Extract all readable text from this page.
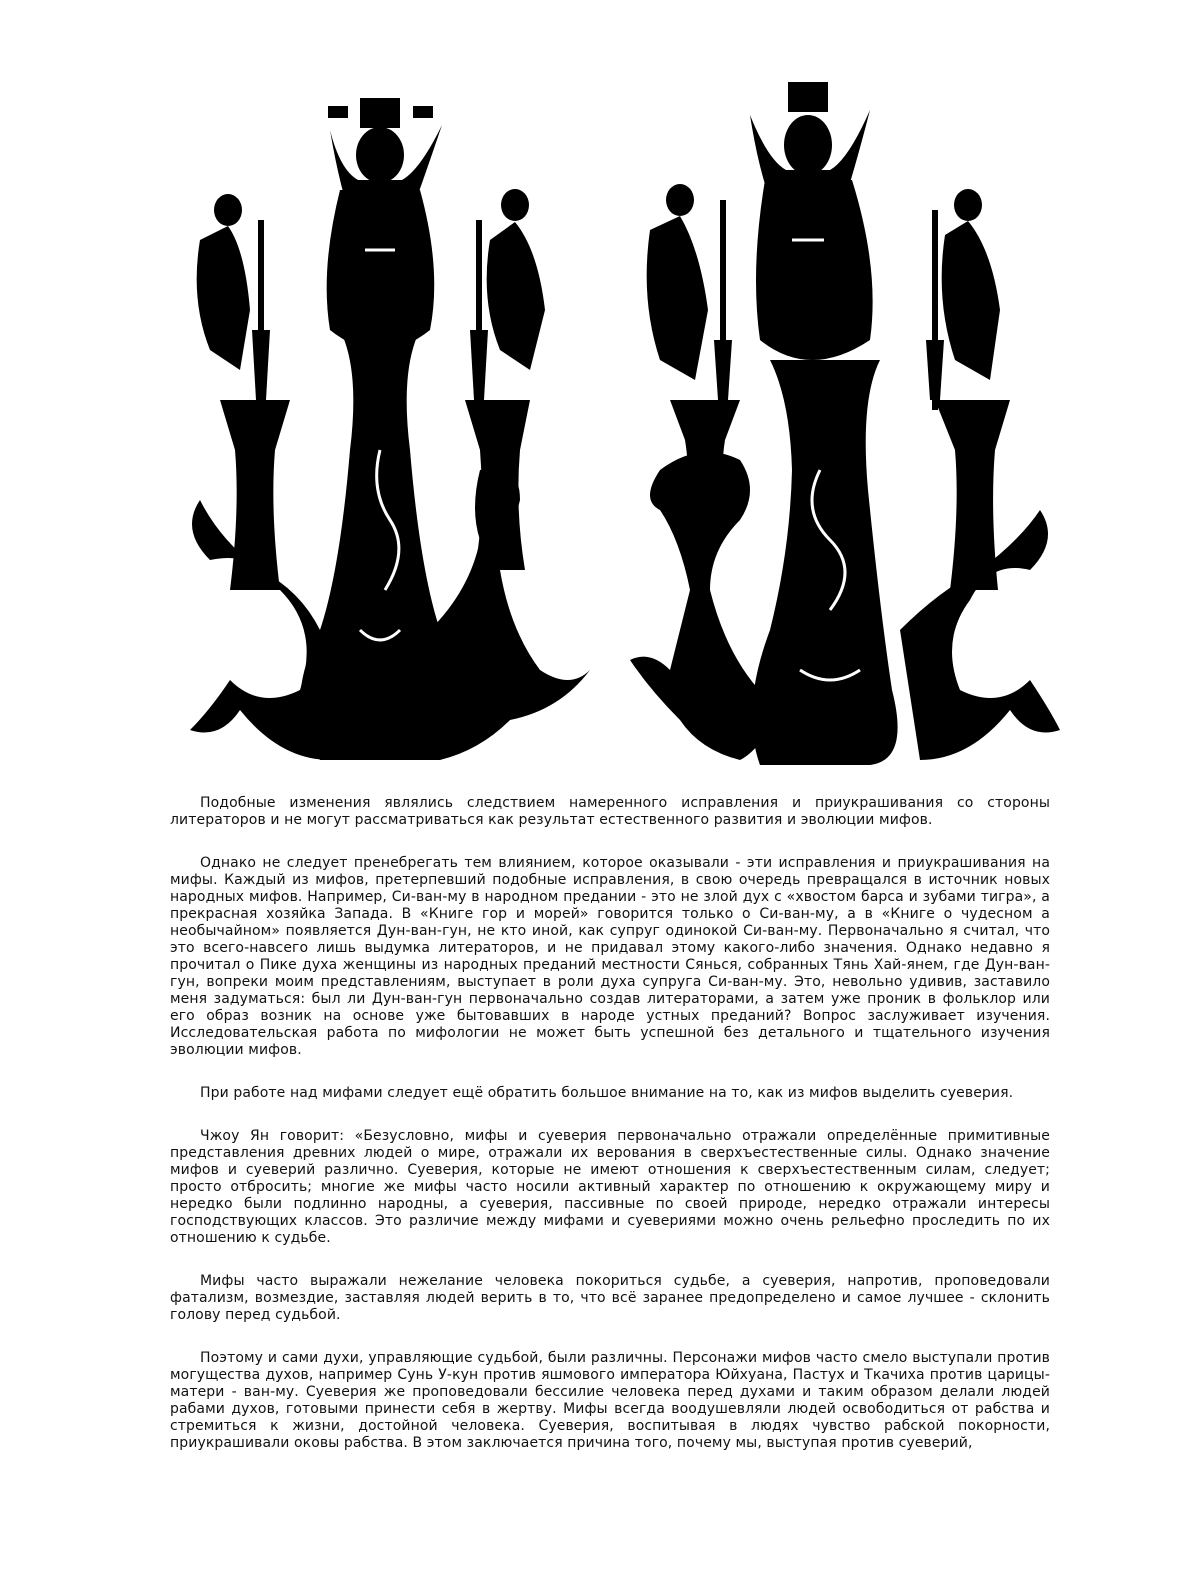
Подобные изменения являлись следствием намеренного исправления и приукрашивания со стороны литераторов и не могут рассматриваться как результат естественного развития и эволюции мифов.

Однако не следует пренебрегать тем влиянием, которое оказывали - эти исправления и приукрашивания на мифы. Каждый из мифов, претерпевший подобные исправления, в свою очередь превращался в источник новых народных мифов. Например, Си-ван-му в народном предании - это не злой дух с «хвостом барса и зубами тигра», а прекрасная хозяйка Запада. В «Книге гор и морей» говорится только о Си-ван-му, а в «Книге о чудесном а необычайном» появляется Дун-ван-гун, не кто иной, как супруг одинокой Си-ван-му. Первоначально я считал, что это всего-навсего лишь выдумка литераторов, и не придавал этому какого-либо значения. Однако недавно я прочитал о Пике духа женщины из народных преданий местности Сянься, собранных Тянь Хай-янем, где Дун-ван-гун, вопреки моим представлениям, выступает в роли духа супруга Си-ван-му. Это, невольно удивив, заставило меня задуматься: был ли Дун-ван-гун первоначально создав литераторами, а затем уже проник в фольклор или его образ возник на основе уже бытовавших в народе устных преданий? Вопрос заслуживает изучения. Исследовательская работа по мифологии не может быть успешной без детального и тщательного изучения эволюции мифов.

При работе над мифами следует ещё обратить большое внимание на то, как из мифов выделить суеверия.

Чжоу Ян говорит: «Безусловно, мифы и суеверия первоначально отражали определённые примитивные представления древних людей о мире, отражали их верования в сверхъестественные силы. Однако значение мифов и суеверий различно. Суеверия, которые не имеют отношения к сверхъестественным силам, следует; просто отбросить; многие же мифы часто носили активный характер по отношению к окружающему миру и нередко были подлинно народны, а суеверия, пассивные по своей природе, нередко отражали интересы господствующих классов. Это различие между мифами и суевериями можно очень рельефно проследить по их отношению к судьбе.

Мифы часто выражали нежелание человека покориться судьбе, а суеверия, напротив, проповедовали фатализм, возмездие, заставляя людей верить в то, что всё заранее предопределено и самое лучшее - склонить голову перед судьбой.

Поэтому и сами духи, управляющие судьбой, были различны. Персонажи мифов часто смело выступали против могущества духов, например Сунь У-кун против яшмового императора Юйхуана, Пастух и Ткачиха против царицы-матери - ван-му. Суеверия же проповедовали бессилие человека перед духами и таким образом делали людей рабами духов, готовыми принести себя в жертву. Мифы всегда воодушевляли людей освободиться от рабства и стремиться к жизни, достойной человека. Суеверия, воспитывая в людях чувство рабской покорности, приукрашивали оковы рабства. В этом заключается причина того, почему мы, выступая против суеверий,
